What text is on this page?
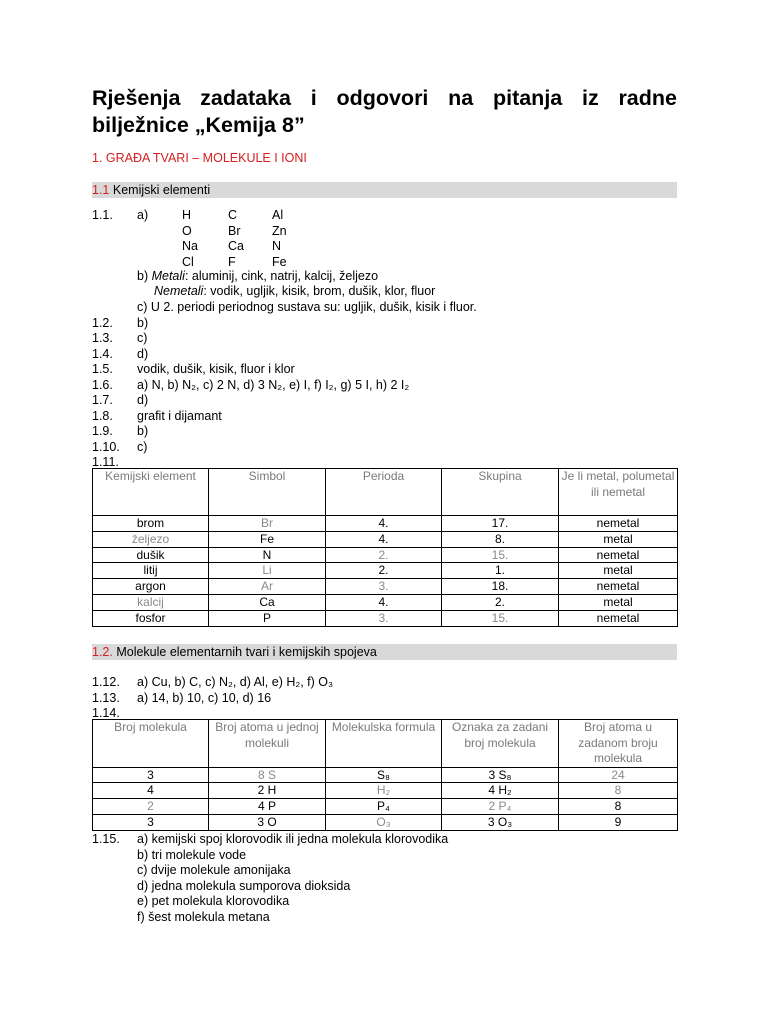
Rješenja zadataka i odgovori na pitanja iz radne bilježnice „Kemija 8”
1. GRAĐA TVARI – MOLEKULE I IONI
1.1 Kemijski elementi
1.1. a)	H	C	Al
O	Br	Zn
Na Ca N
Cl	F	Fe
b) Metali: aluminij, cink, natrij, kalcij, željezo
Nemetali: vodik, ugljik, kisik, brom, dušik, klor, fluor
c) U 2. periodi periodnog sustava su: ugljik, dušik, kisik i fluor.
1.2. b)
1.3. c)
1.4. d)
1.5. vodik, dušik, kisik, fluor i klor
1.6. a) N, b) N₂, c) 2 N, d) 3 N₂, e) I, f) I₂, g) 5 I, h) 2 I₂
1.7. d)
1.8. grafit i dijamant
1.9. b)
1.10. c)
1.11.
Kemijski element	Simbol	Perioda	Skupina	Je li metal, polumetal ili nemetal
brom	Br	4.	17.	nemetal
željezo	Fe	4.	8.	metal
dušik	N	2.	15.	nemetal
litij	Li	2.	1.	metal
argon	Ar	3.	18.	nemetal
kalcij	Ca	4.	2.	metal
fosfor	P	3.	15.	nemetal
1.2. Molekule elementarnih tvari i kemijskih spojeva
1.12. a) Cu, b) C, c) N₂, d) Al, e) H₂, f) O₃
1.13. a) 14, b) 10, c) 10, d) 16
1.14.
Broj molekula	Broj atoma u jednoj molekuli	Molekulska formula	Oznaka za zadani broj molekula	Broj atoma u zadanom broju molekula
3	8 S	S₈	3 S₈	24
4	2 H	H₂	4 H₂	8
2	4 P	P₄	2 P₄	8
3	3 O	O₃	3 O₃	9
1.15. a) kemijski spoj klorovodik ili jedna molekula klorovodika
b) tri molekule vode
c) dvije molekule amonijaka
d) jedna molekula sumporova dioksida
e) pet molekula klorovodika
f) šest molekula metana
